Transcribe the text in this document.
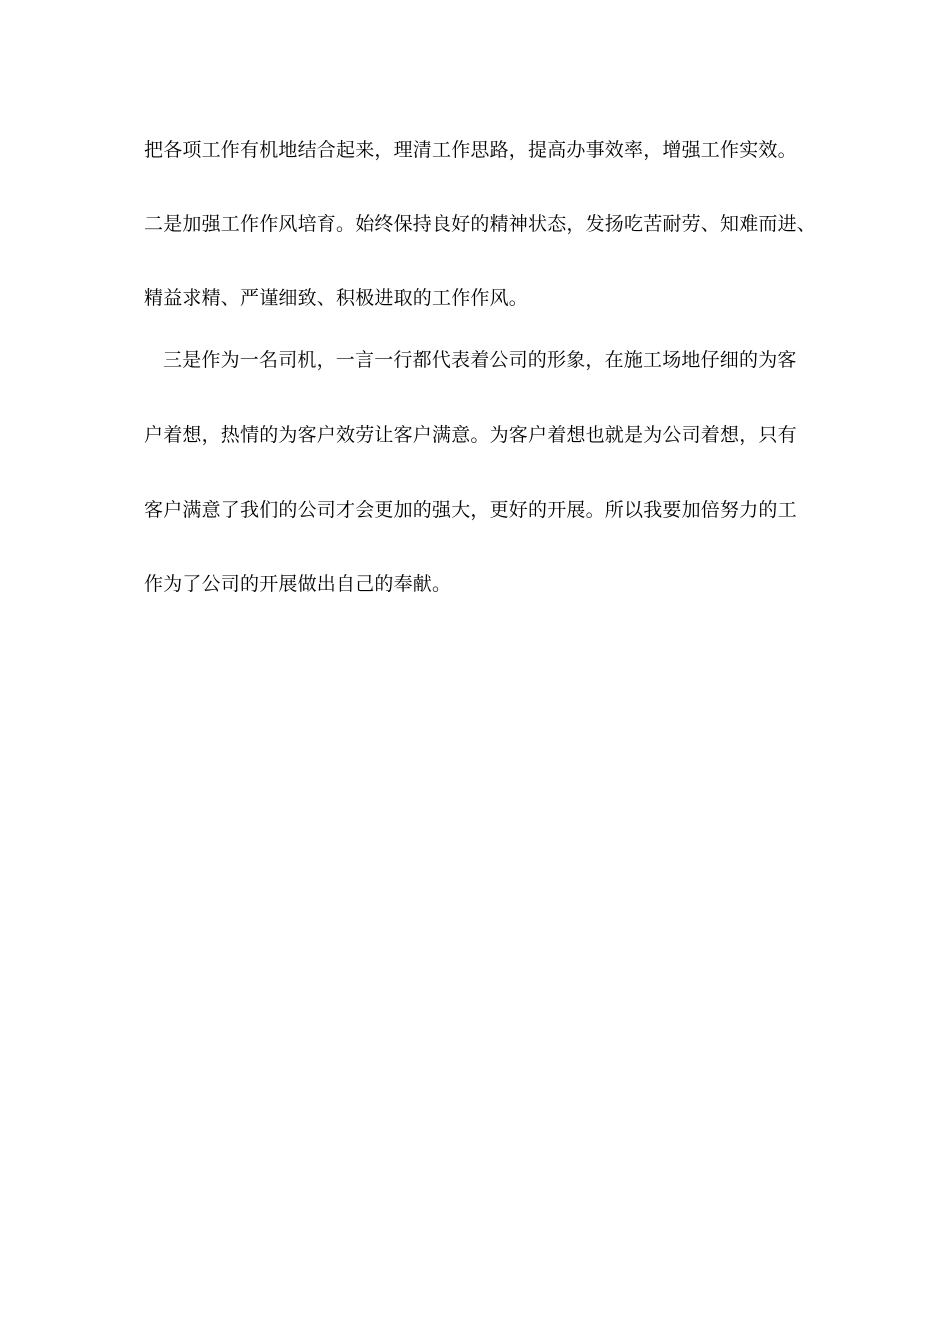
把各项工作有机地结合起来，理清工作思路，提高办事效率，增强工作实效。
二是加强工作作风培育。始终保持良好的精神状态，发扬吃苦耐劳、知难而进、
精益求精、严谨细致、积极进取的工作作风。
三是作为一名司机，一言一行都代表着公司的形象，在施工场地仔细的为客
户着想，热情的为客户效劳让客户满意。为客户着想也就是为公司着想，只有
客户满意了我们的公司才会更加的强大，更好的开展。所以我要加倍努力的工
作为了公司的开展做出自己的奉献。
